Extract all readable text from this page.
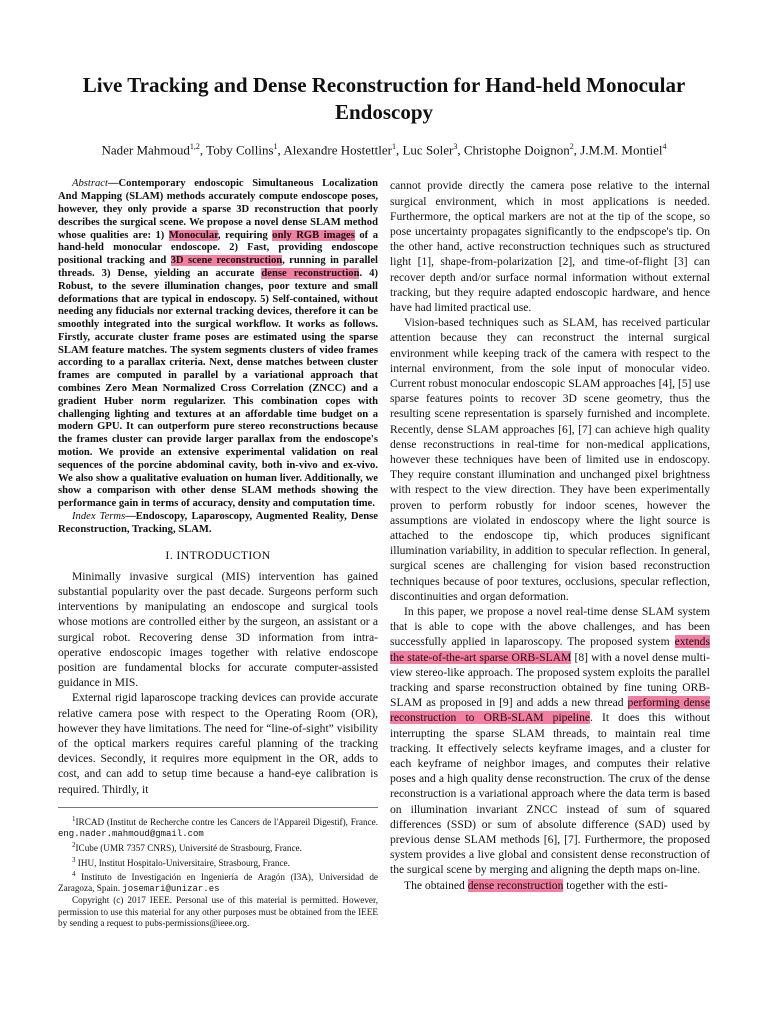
Live Tracking and Dense Reconstruction for Hand-held Monocular Endoscopy
Nader Mahmoud$^{1,2}$, Toby Collins$^1$, Alexandre Hostettler$^1$, Luc Soler$^3$, Christophe Doignon$^2$, J.M.M. Montiel$^4$

Abstract—Contemporary endoscopic Simultaneous Localization And Mapping (SLAM) methods accurately compute endoscope poses, however, they only provide a sparse 3D reconstruction that poorly describes the surgical scene. We propose a novel dense SLAM method whose qualities are: 1) Monocular, requiring only RGB images of a hand-held monocular endoscope. 2) Fast, providing endoscope positional tracking and 3D scene reconstruction, running in parallel threads. 3) Dense, yielding an accurate dense reconstruction. 4) Robust, to the severe illumination changes, poor texture and small deformations that are typical in endoscopy. 5) Self-contained, without needing any fiducials nor external tracking devices, therefore it can be smoothly integrated into the surgical workflow. It works as follows. Firstly, accurate cluster frame poses are estimated using the sparse SLAM feature matches. The system segments clusters of video frames according to a parallax criteria. Next, dense matches between cluster frames are computed in parallel by a variational approach that combines Zero Mean Normalized Cross Correlation (ZNCC) and a gradient Huber norm regularizer. This combination copes with challenging lighting and textures at an affordable time budget on a modern GPU. It can outperform pure stereo reconstructions because the frames cluster can provide larger parallax from the endoscope's motion. We provide an extensive experimental validation on real sequences of the porcine abdominal cavity, both in-vivo and ex-vivo. We also show a qualitative evaluation on human liver. Additionally, we show a comparison with other dense SLAM methods showing the performance gain in terms of accuracy, density and computation time.

Index Terms—Endoscopy, Laparoscopy, Augmented Reality, Dense Reconstruction, Tracking, SLAM.

I. INTRODUCTION

Minimally invasive surgical (MIS) intervention has gained substantial popularity over the past decade. Surgeons perform such interventions by manipulating an endoscope and surgical tools whose motions are controlled either by the surgeon, an assistant or a surgical robot. Recovering dense 3D information from intra-operative endoscopic images together with relative endoscope position are fundamental blocks for accurate computer-assisted guidance in MIS.

External rigid laparoscope tracking devices can provide accurate relative camera pose with respect to the Operating Room (OR), however they have limitations. The need for “line-of-sight” visibility of the optical markers requires careful planning of the tracking devices. Secondly, it requires more equipment in the OR, adds to cost, and can add to setup time because a hand-eye calibration is required. Thirdly, it

$^1$IRCAD (Institut de Recherche contre les Cancers de l'Appareil Digestif), France. eng.nader.mahmoud@gmail.com

$^2$ICube (UMR 7357 CNRS), Université de Strasbourg, France.

$^3$ IHU, Institut Hospitalo-Universitaire, Strasbourg, France.

$^4$ Instituto de Investigación en Ingeniería de Aragón (I3A), Universidad de Zaragoza, Spain. josemari@unizar.es

Copyright (c) 2017 IEEE. Personal use of this material is permitted. However, permission to use this material for any other purposes must be obtained from the IEEE by sending a request to pubs-permissions@ieee.org.

cannot provide directly the camera pose relative to the internal surgical environment, which in most applications is needed. Furthermore, the optical markers are not at the tip of the scope, so pose uncertainty propagates significantly to the endpscope's tip. On the other hand, active reconstruction techniques such as structured light [1], shape-from-polarization [2], and time-of-flight [3] can recover depth and/or surface normal information without external tracking, but they require adapted endoscopic hardware, and hence have had limited practical use.

Vision-based techniques such as SLAM, has received particular attention because they can reconstruct the internal surgical environment while keeping track of the camera with respect to the internal environment, from the sole input of monocular video. Current robust monocular endoscopic SLAM approaches [4], [5] use sparse features points to recover 3D scene geometry, thus the resulting scene representation is sparsely furnished and incomplete. Recently, dense SLAM approaches [6], [7] can achieve high quality dense reconstructions in real-time for non-medical applications, however these techniques have been of limited use in endoscopy. They require constant illumination and unchanged pixel brightness with respect to the view direction. They have been experimentally proven to perform robustly for indoor scenes, however the assumptions are violated in endoscopy where the light source is attached to the endoscope tip, which produces significant illumination variability, in addition to specular reflection. In general, surgical scenes are challenging for vision based reconstruction techniques because of poor textures, occlusions, specular reflection, discontinuities and organ deformation.

In this paper, we propose a novel real-time dense SLAM system that is able to cope with the above challenges, and has been successfully applied in laparoscopy. The proposed system extends the state-of-the-art sparse ORB-SLAM [8] with a novel dense multi-view stereo-like approach. The proposed system exploits the parallel tracking and sparse reconstruction obtained by fine tuning ORB-SLAM as proposed in [9] and adds a new thread performing dense reconstruction to ORB-SLAM pipeline. It does this without interrupting the sparse SLAM threads, to maintain real time tracking. It effectively selects keyframe images, and a cluster for each keyframe of neighbor images, and computes their relative poses and a high quality dense reconstruction. The crux of the dense reconstruction is a variational approach where the data term is based on illumination invariant ZNCC instead of sum of squared differences (SSD) or sum of absolute difference (SAD) used by previous dense SLAM methods [6], [7]. Furthermore, the proposed system provides a live global and consistent dense reconstruction of the surgical scene by merging and aligning the depth maps on-line.

The obtained dense reconstruction together with the esti-
